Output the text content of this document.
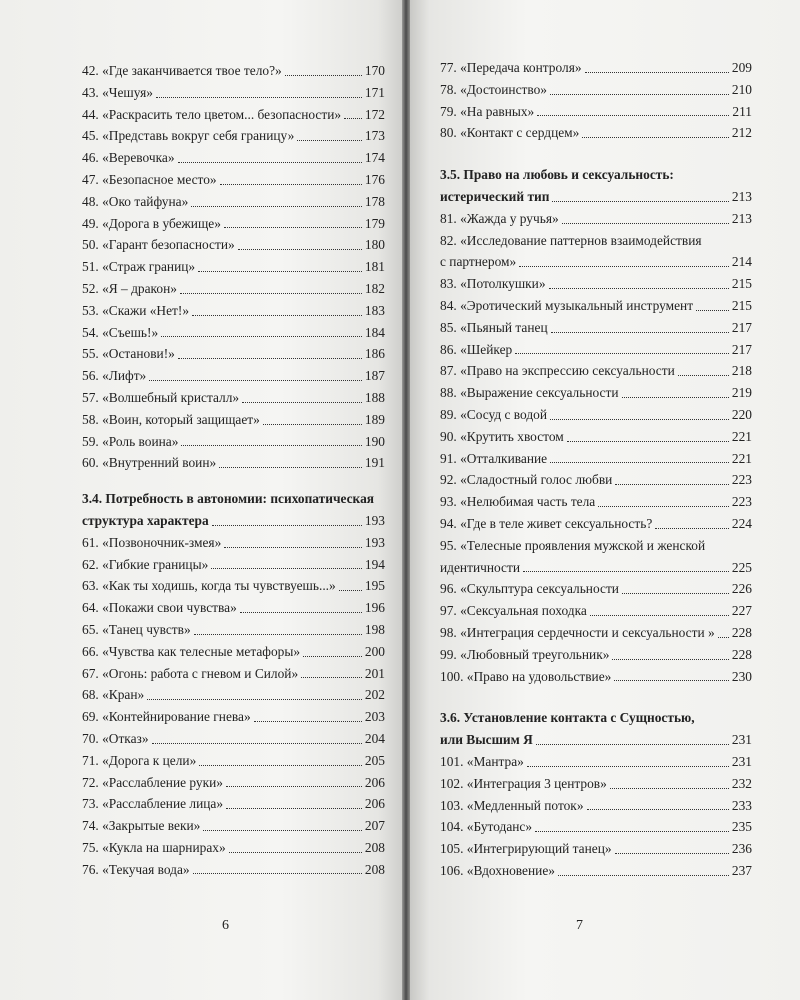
42. «Где заканчивается твое тело?»	170
43. «Чешуя»	171
44. «Раскрасить тело цветом... безопасности» 172
45. «Представь вокруг себя границу»	173
46. «Веревочка»	174
47. «Безопасное место»	176
48. «Око тайфуна»	178
49. «Дорога в убежище»	179
50. «Гарант безопасности»	180
51. «Страж границ»	181
52. «Я – дракон»	182
53. «Скажи «Нет!»	183
54. «Съешь!»	184
55. «Останови!»	186
56. «Лифт»	187
57. «Волшебный кристалл»	188
58. «Воин, который защищает»	189
59. «Роль воина»	190
60. «Внутренний воин»	191
3.4. Потребность в автономии: психопатическая
структура характера	193
61. «Позвоночник-змея»	193
62. «Гибкие границы»	194
63. «Как ты ходишь, когда ты чувствуешь...» 195
64. «Покажи свои чувства»	196
65. «Танец чувств»	198
66. «Чувства как телесные метафоры»	200
67. «Огонь: работа с гневом и Силой»	201
68. «Кран»	202
69. «Контейнирование гнева»	203
70. «Отказ»	204
71. «Дорога к цели»	205
72. «Расслабление руки»	206
73. «Расслабление лица»	206
74. «Закрытые веки»	207
75. «Кукла на шарнирах»	208
76. «Текучая вода»	208
6
77. «Передача контроля»	209
78. «Достоинство»	210
79. «На равных»	211
80. «Контакт с сердцем»	212
3.5. Право на любовь и сексуальность:
истерический тип	213
81. «Жажда у ручья»	213
82. «Исследование паттернов взаимодействия
с партнером»	214
83. «Потолкушки»	215
84. «Эротический музыкальный инструмент	215
85. «Пьяный танец	217
86. «Шейкер	217
87. «Право на экспрессию сексуальности	218
88. «Выражение сексуальности	219
89. «Сосуд с водой	220
90. «Крутить хвостом	221
91. «Отталкивание	221
92. «Сладостный голос любви	223
93. «Нелюбимая часть тела	223
94. «Где в теле живет сексуальность?	224
95. «Телесные проявления мужской и женской
идентичности	225
96. «Скульптура сексуальности	226
97. «Сексуальная походка	227
98. «Интеграция сердечности и сексуальности » 228
99. «Любовный треугольник»	228
100. «Право на удовольствие»	230
3.6. Установление контакта с Сущностью,
или Высшим Я	231
101. «Мантра»	231
102. «Интеграция 3 центров»	232
103. «Медленный поток»	233
104. «Бутоданс»	235
105. «Интегрирующий танец»	236
106. «Вдохновение»	237
7
